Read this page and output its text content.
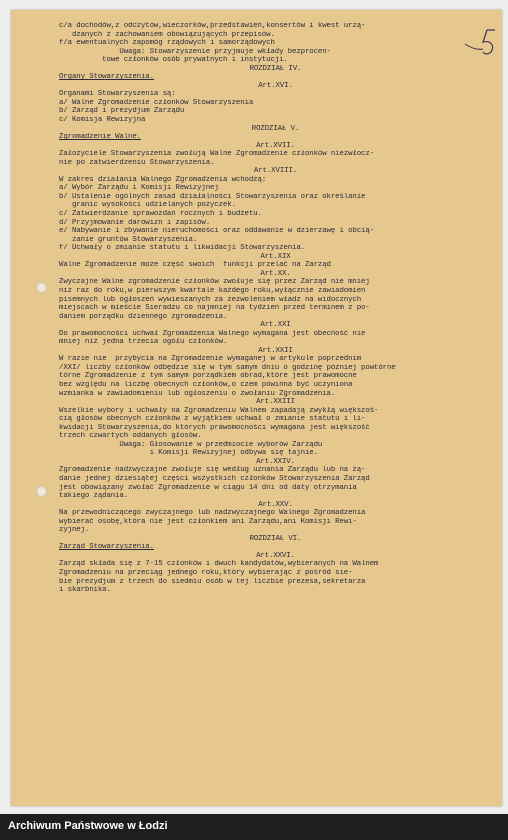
c/a dochodów,z odczytów,wieczorków,przedstawień,konsertów i kwest urzą-
dzanych z zachowaniem obowiązujących przepisów.
f/a ewentualnych zapomóg rządowych i samorządowych
Uwaga: Stowarzyszenie przyjmuje wkłady bezprocen-
towe członków osób prywatnych i instytucji.
ROZDZIAŁ IV.
Organy Stowarzyszenia.
Art.XVI.
Organami Stowarzyszenia są:
a/ Walne Zgromadzenie członków Stowarzyszenia
b/ Zarząd i prezydjum Zarządu
c/ Komisja Rewizyjna
ROZDZIAŁ V.
Zgromadzenie Walne.
Art.XVII.
Założyciele Stowarzyszenia zwołują Walne Zgromadzenie członków niezwłocz-
nie po zatwierdzeniu Stowarzyszenia.
Art.XVIII.
W zakres działania Walnego Zgromadzenia wchodzą:
a/ Wybór Zarządu i Komisji Rewizyjnej
b/ Ustalenie ogólnych zasad działalności Stowarzyszenia oraz określanie
granic wysokości udzielanych pożyczek.
c/ Zatwierdzanie sprawozdań rocznych i budżetu.
d/ Przyjmowanie darowizn i zapisów.
e/ Nabywanie i zbywanie nieruchomości oraz oddawanie w dzierżawę i obcią-
żanie gruntów Stowarzyszenia.
f/ Uchwały o zmianie statutu i likwidacji Stowarzyszenia.
Art.XIX
Walne Zgromadzenie może część swoich  funkcji przelać na Zarząd
Art.XX.
Zwyczajne Walne zgromadzenie członków zwołuje się przez Zarząd nie mniej
niż raz do roku,w pierwszym kwartale każdego roku,wyłącznie zawiadomień
pisemnych lub ogłoszeń wywieszanych za zezwoleniem władz na widocznych
miejscach w mieście Sieradzu co najmniej na tydzień przed terminem z po-
daniem porządku dziennego zgromadzenia.
Art.XXI
Do prawomocności uchwał Zgromadzenia Walnego wymagana jest obecność nie
mniej niż jedna trzecia ogółu członków.
Art.XXII
W razie nie  przybycia na Zgromadzenie wymaganej w artykule poprzednim
/XXI/ liczby członków odbędzie się w tym samym dniu o godzinę później powtórne
tórne Zgromadzenie z tym samym porządkiem obrad,które jest prawomocne
bez względu na liczbę obecnych członków,o czem powinna być uczyniona
wzmianka w zawiadomieniu lub ogłoszeniu o zwołaniu Zgromadzenia.
Art.XXIII
Wszelkie wybory i uchwały na Zgromadzeniu Walnem zapadają zwykłą większoś-
cią głosów obecnych członków z wyjątkiem uchwał o zmianie statutu i li-
kwidacji Stowarzyszenia,do których prawomocności wymagana jest większość
trzech czwartych oddanych głosów.
Uwaga: Głosowanie w przedmiocie wyborów Zarządu
i Komisji Rewizyjnej odbywa się tajnie.
Art.XXIV.
Zgromadzenie nadzwyczajne zwołuje się według uznania Zarządu lub na żą-
danie jednej dziesiątej części wszystkich członków Stowarzyszenia Zarząd
jest obowiązany zwołać Zgromadzenie w ciągu 14 dni od daty otrzymania
takiego żądania.
Art.XXV.
Na przewodniczącego zwyczajnego lub nadzwyczajnego Walnego Zgromadzenia
wybierać osobę,która nie jest członkiem ani Zarządu,ani Komisji Rewi-
zyjnej.
ROZDZIAŁ VI.
Zarząd Stowarzyszenia.
Art.XXVI.
Zarząd składa się z 7-15 członków i dwuch kandydatów,wybieranych na Walnem
Zgromadzeniu na przeciąg jednego roku,który wybierając z pośród sie-
bie prezydjum z trzech do siedmiu osób w tej liczbie prezesa,sekretarza
i skarbnika.
Archiwum Państwowe w Łodzi
